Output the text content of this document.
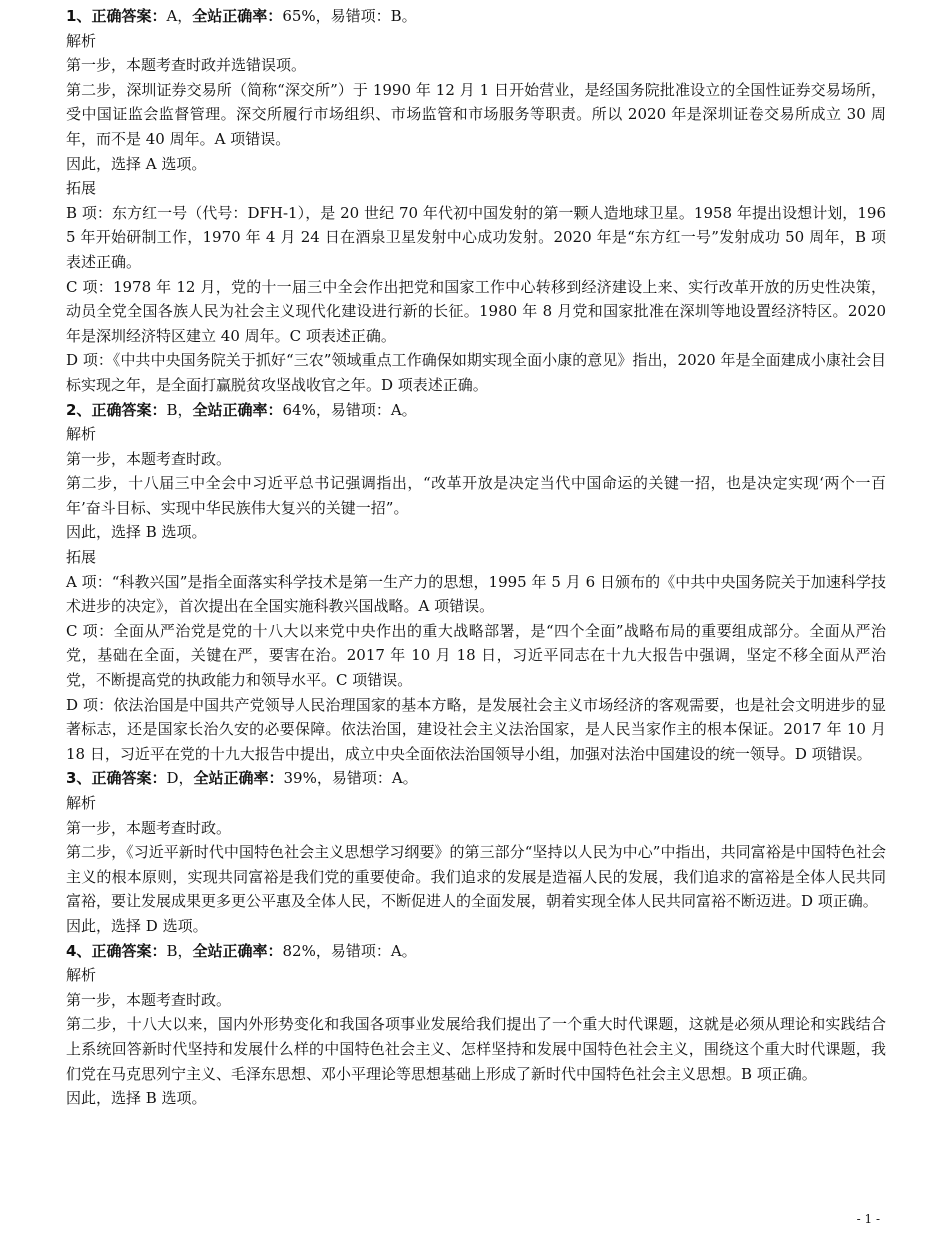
1、正确答案：A，全站正确率：65%，易错项：B。

解析

第一步，本题考查时政并选错误项。

第二步，深圳证券交易所（简称“深交所”）于 1990 年 12 月 1 日开始营业，是经国务院批准设立的全国性证券交易场所，受中国证监会监督管理。深交所履行市场组织、市场监管和市场服务等职责。所以 2020 年是深圳证卷交易所成立 30 周年，而不是 40 周年。A 项错误。

因此，选择 A 选项。

拓展

B 项：东方红一号（代号：DFH-1），是 20 世纪 70 年代初中国发射的第一颗人造地球卫星。1958 年提出设想计划，1965 年开始研制工作，1970 年 4 月 24 日在酒泉卫星发射中心成功发射。2020 年是“东方红一号”发射成功 50 周年，B 项表述正确。

C 项：1978 年 12 月，党的十一届三中全会作出把党和国家工作中心转移到经济建设上来、实行改革开放的历史性决策，动员全党全国各族人民为社会主义现代化建设进行新的长征。1980 年 8 月党和国家批准在深圳等地设置经济特区。2020 年是深圳经济特区建立 40 周年。C 项表述正确。

D 项：《中共中央国务院关于抓好“三农”领域重点工作确保如期实现全面小康的意见》指出，2020 年是全面建成小康社会目标实现之年，是全面打赢脱贫攻坚战收官之年。D 项表述正确。

2、正确答案：B，全站正确率：64%，易错项：A。

解析

第一步，本题考查时政。

第二步，十八届三中全会中习近平总书记强调指出，“改革开放是决定当代中国命运的关键一招，也是决定实现‘两个一百年’奋斗目标、实现中华民族伟大复兴的关键一招”。

因此，选择 B 选项。

拓展

A 项：“科教兴国”是指全面落实科学技术是第一生产力的思想，1995 年 5 月 6 日颁布的《中共中央国务院关于加速科学技术进步的决定》，首次提出在全国实施科教兴国战略。A 项错误。

C 项：全面从严治党是党的十八大以来党中央作出的重大战略部署，是“四个全面”战略布局的重要组成部分。全面从严治党，基础在全面，关键在严，要害在治。2017 年 10 月 18 日，习近平同志在十九大报告中强调，坚定不移全面从严治党，不断提高党的执政能力和领导水平。C 项错误。

D 项：依法治国是中国共产党领导人民治理国家的基本方略，是发展社会主义市场经济的客观需要，也是社会文明进步的显著标志，还是国家长治久安的必要保障。依法治国，建设社会主义法治国家，是人民当家作主的根本保证。2017 年 10 月 18 日，习近平在党的十九大报告中提出，成立中央全面依法治国领导小组，加强对法治中国建设的统一领导。D 项错误。

3、正确答案：D，全站正确率：39%，易错项：A。

解析

第一步，本题考查时政。

第二步，《习近平新时代中国特色社会主义思想学习纲要》的第三部分“坚持以人民为中心”中指出，共同富裕是中国特色社会主义的根本原则，实现共同富裕是我们党的重要使命。我们追求的发展是造福人民的发展，我们追求的富裕是全体人民共同富裕，要让发展成果更多更公平惠及全体人民，不断促进人的全面发展，朝着实现全体人民共同富裕不断迈进。D 项正确。

因此，选择 D 选项。

4、正确答案：B，全站正确率：82%，易错项：A。

解析

第一步，本题考查时政。

第二步，十八大以来，国内外形势变化和我国各项事业发展给我们提出了一个重大时代课题，这就是必须从理论和实践结合上系统回答新时代坚持和发展什么样的中国特色社会主义、怎样坚持和发展中国特色社会主义，围绕这个重大时代课题，我们党在马克思列宁主义、毛泽东思想、邓小平理论等思想基础上形成了新时代中国特色社会主义思想。B 项正确。

因此，选择 B 选项。

- 1 -
